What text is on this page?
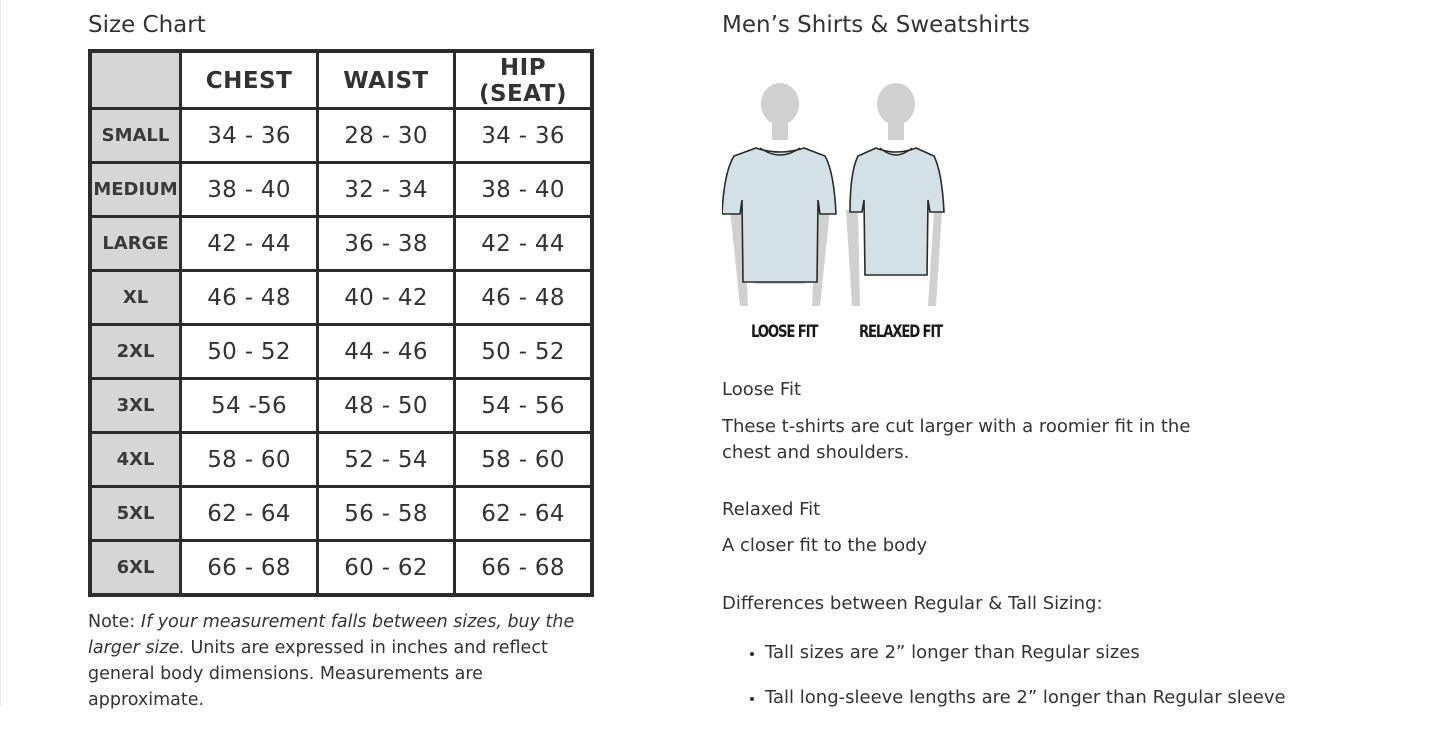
Size Chart
	CHEST	WAIST	HIP (SEAT)
SMALL	34 - 36	28 - 30	34 - 36
MEDIUM	38 - 40	32 - 34	38 - 40
LARGE	42 - 44	36 - 38	42 - 44
XL	46 - 48	40 - 42	46 - 48
2XL	50 - 52	44 - 46	50 - 52
3XL	54 -56	48 - 50	54 - 56
4XL	58 - 60	52 - 54	58 - 60
5XL	62 - 64	56 - 58	62 - 64
6XL	66 - 68	60 - 62	66 - 68
Note: If your measurement falls between sizes, buy the larger size. Units are expressed in inches and reflect general body dimensions. Measurements are approximate.
Men’s Shirts & Sweatshirts
LOOSE FIT RELAXED FIT
Loose Fit
These t-shirts are cut larger with a roomier fit in the chest and shoulders.
Relaxed Fit
A closer fit to the body
Differences between Regular & Tall Sizing:
• Tall sizes are 2” longer than Regular sizes
• Tall long-sleeve lengths are 2” longer than Regular sleeve
